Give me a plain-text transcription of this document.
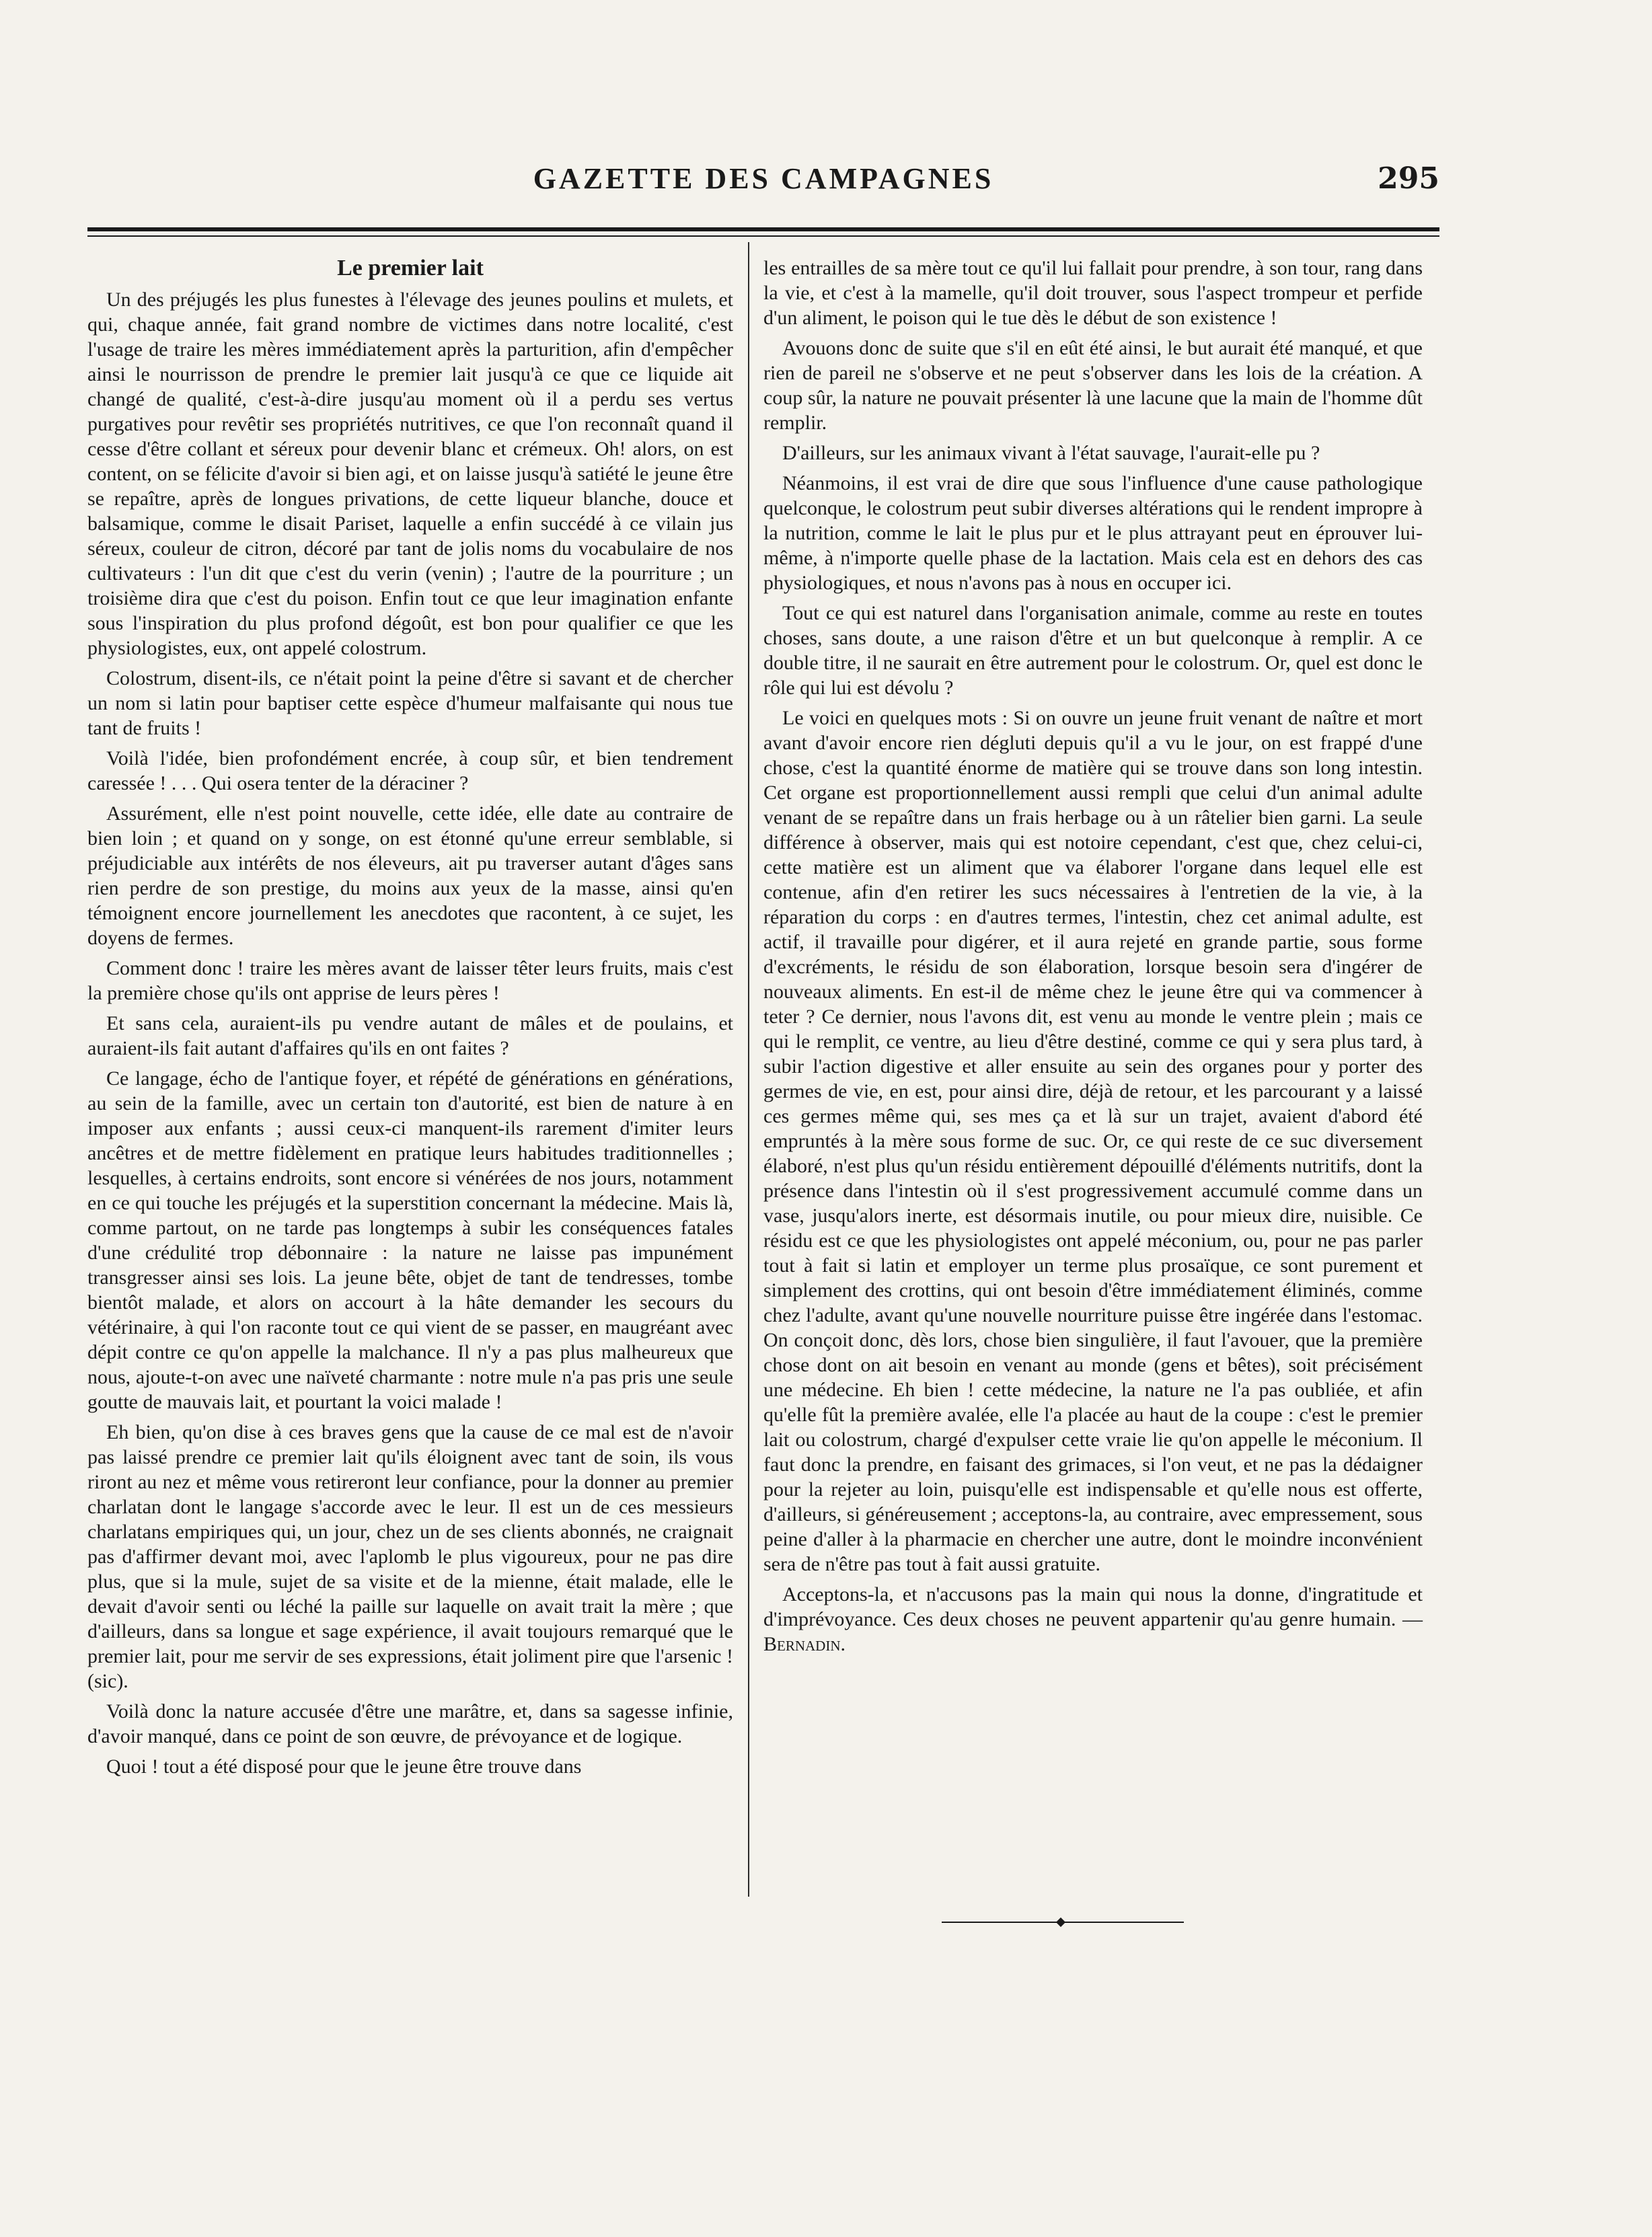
GAZETTE DES CAMPAGNES	295
Le premier lait

Un des préjugés les plus funestes à l'élevage des jeunes poulins et mulets, et qui, chaque année, fait grand nombre de victimes dans notre localité, c'est l'usage de traire les mères immédiatement après la parturition, afin d'empêcher ainsi le nourrisson de prendre le premier lait jusqu'à ce que ce liquide ait changé de qualité, c'est-à-dire jusqu'au moment où il a perdu ses vertus purgatives pour revêtir ses propriétés nutritives, ce que l'on reconnaît quand il cesse d'être collant et séreux pour devenir blanc et crémeux. Oh! alors, on est content, on se félicite d'avoir si bien agi, et on laisse jusqu'à satiété le jeune être se repaître, après de longues privations, de cette liqueur blanche, douce et balsamique, comme le disait Pariset, laquelle a enfin succédé à ce vilain jus séreux, couleur de citron, décoré par tant de jolis noms du vocabulaire de nos cultivateurs : l'un dit que c'est du verin (venin) ; l'autre de la pourriture ; un troisième dira que c'est du poison. Enfin tout ce que leur imagination enfante sous l'inspiration du plus profond dégoût, est bon pour qualifier ce que les physiologistes, eux, ont appelé colostrum.

Colostrum, disent-ils, ce n'était point la peine d'être si savant et de chercher un nom si latin pour baptiser cette espèce d'humeur malfaisante qui nous tue tant de fruits !

Voilà l'idée, bien profondément encrée, à coup sûr, et bien tendrement caressée ! . . . Qui osera tenter de la déraciner ?

Assurément, elle n'est point nouvelle, cette idée, elle date au contraire de bien loin ; et quand on y songe, on est étonné qu'une erreur semblable, si préjudiciable aux intérêts de nos éleveurs, ait pu traverser autant d'âges sans rien perdre de son prestige, du moins aux yeux de la masse, ainsi qu'en témoignent encore journellement les anecdotes que racontent, à ce sujet, les doyens de fermes.

Comment donc ! traire les mères avant de laisser têter leurs fruits, mais c'est la première chose qu'ils ont apprise de leurs pères !

Et sans cela, auraient-ils pu vendre autant de mâles et de poulains, et auraient-ils fait autant d'affaires qu'ils en ont faites ?

Ce langage, écho de l'antique foyer, et répété de générations en générations, au sein de la famille, avec un certain ton d'autorité, est bien de nature à en imposer aux enfants ; aussi ceux-ci manquent-ils rarement d'imiter leurs ancêtres et de mettre fidèlement en pratique leurs habitudes traditionnelles ; lesquelles, à certains endroits, sont encore si vénérées de nos jours, notamment en ce qui touche les préjugés et la superstition concernant la médecine. Mais là, comme partout, on ne tarde pas longtemps à subir les conséquences fatales d'une crédulité trop débonnaire : la nature ne laisse pas impunément transgresser ainsi ses lois. La jeune bête, objet de tant de tendresses, tombe bientôt malade, et alors on accourt à la hâte demander les secours du vétérinaire, à qui l'on raconte tout ce qui vient de se passer, en maugréant avec dépit contre ce qu'on appelle la malchance. Il n'y a pas plus malheureux que nous, ajoute-t-on avec une naïveté charmante : notre mule n'a pas pris une seule goutte de mauvais lait, et pourtant la voici malade !

Eh bien, qu'on dise à ces braves gens que la cause de ce mal est de n'avoir pas laissé prendre ce premier lait qu'ils éloignent avec tant de soin, ils vous riront au nez et même vous retireront leur confiance, pour la donner au premier charlatan dont le langage s'accorde avec le leur. Il est un de ces messieurs charlatans empiriques qui, un jour, chez un de ses clients abonnés, ne craignait pas d'affirmer devant moi, avec l'aplomb le plus vigoureux, pour ne pas dire plus, que si la mule, sujet de sa visite et de la mienne, était malade, elle le devait d'avoir senti ou léché la paille sur laquelle on avait trait la mère ; que d'ailleurs, dans sa longue et sage expérience, il avait toujours remarqué que le premier lait, pour me servir de ses expressions, était joliment pire que l'arsenic ! (sic).

Voilà donc la nature accusée d'être une marâtre, et, dans sa sagesse infinie, d'avoir manqué, dans ce point de son œuvre, de prévoyance et de logique.

Quoi ! tout a été disposé pour que le jeune être trouve dans

les entrailles de sa mère tout ce qu'il lui fallait pour prendre, à son tour, rang dans la vie, et c'est à la mamelle, qu'il doit trouver, sous l'aspect trompeur et perfide d'un aliment, le poison qui le tue dès le début de son existence !

Avouons donc de suite que s'il en eût été ainsi, le but aurait été manqué, et que rien de pareil ne s'observe et ne peut s'observer dans les lois de la création. A coup sûr, la nature ne pouvait présenter là une lacune que la main de l'homme dût remplir.

D'ailleurs, sur les animaux vivant à l'état sauvage, l'aurait-elle pu ?

Néanmoins, il est vrai de dire que sous l'influence d'une cause pathologique quelconque, le colostrum peut subir diverses altérations qui le rendent impropre à la nutrition, comme le lait le plus pur et le plus attrayant peut en éprouver lui-même, à n'importe quelle phase de la lactation. Mais cela est en dehors des cas physiologiques, et nous n'avons pas à nous en occuper ici.

Tout ce qui est naturel dans l'organisation animale, comme au reste en toutes choses, sans doute, a une raison d'être et un but quelconque à remplir. A ce double titre, il ne saurait en être autrement pour le colostrum. Or, quel est donc le rôle qui lui est dévolu ?

Le voici en quelques mots : Si on ouvre un jeune fruit venant de naître et mort avant d'avoir encore rien dégluti depuis qu'il a vu le jour, on est frappé d'une chose, c'est la quantité énorme de matière qui se trouve dans son long intestin. Cet organe est proportionnellement aussi rempli que celui d'un animal adulte venant de se repaître dans un frais herbage ou à un râtelier bien garni. La seule différence à observer, mais qui est notoire cependant, c'est que, chez celui-ci, cette matière est un aliment que va élaborer l'organe dans lequel elle est contenue, afin d'en retirer les sucs nécessaires à l'entretien de la vie, à la réparation du corps : en d'autres termes, l'intestin, chez cet animal adulte, est actif, il travaille pour digérer, et il aura rejeté en grande partie, sous forme d'excréments, le résidu de son élaboration, lorsque besoin sera d'ingérer de nouveaux aliments. En est-il de même chez le jeune être qui va commencer à teter ? Ce dernier, nous l'avons dit, est venu au monde le ventre plein ; mais ce qui le remplit, ce ventre, au lieu d'être destiné, comme ce qui y sera plus tard, à subir l'action digestive et aller ensuite au sein des organes pour y porter des germes de vie, en est, pour ainsi dire, déjà de retour, et les parcourant y a laissé ces germes même qui, ses mes ça et là sur un trajet, avaient d'abord été empruntés à la mère sous forme de suc. Or, ce qui reste de ce suc diversement élaboré, n'est plus qu'un résidu entièrement dépouillé d'éléments nutritifs, dont la présence dans l'intestin où il s'est progressivement accumulé comme dans un vase, jusqu'alors inerte, est désormais inutile, ou pour mieux dire, nuisible. Ce résidu est ce que les physiologistes ont appelé méconium, ou, pour ne pas parler tout à fait si latin et employer un terme plus prosaïque, ce sont purement et simplement des crottins, qui ont besoin d'être immédiatement éliminés, comme chez l'adulte, avant qu'une nouvelle nourriture puisse être ingérée dans l'estomac. On conçoit donc, dès lors, chose bien singulière, il faut l'avouer, que la première chose dont on ait besoin en venant au monde (gens et bêtes), soit précisément une médecine. Eh bien ! cette médecine, la nature ne l'a pas oubliée, et afin qu'elle fût la première avalée, elle l'a placée au haut de la coupe : c'est le premier lait ou colostrum, chargé d'expulser cette vraie lie qu'on appelle le méconium. Il faut donc la prendre, en faisant des grimaces, si l'on veut, et ne pas la dédaigner pour la rejeter au loin, puisqu'elle est indispensable et qu'elle nous est offerte, d'ailleurs, si généreusement ; acceptons-la, au contraire, avec empressement, sous peine d'aller à la pharmacie en chercher une autre, dont le moindre inconvénient sera de n'être pas tout à fait aussi gratuite.

Acceptons-la, et n'accusons pas la main qui nous la donne, d'ingratitude et d'imprévoyance. Ces deux choses ne peuvent appartenir qu'au genre humain. — Bernadin.
